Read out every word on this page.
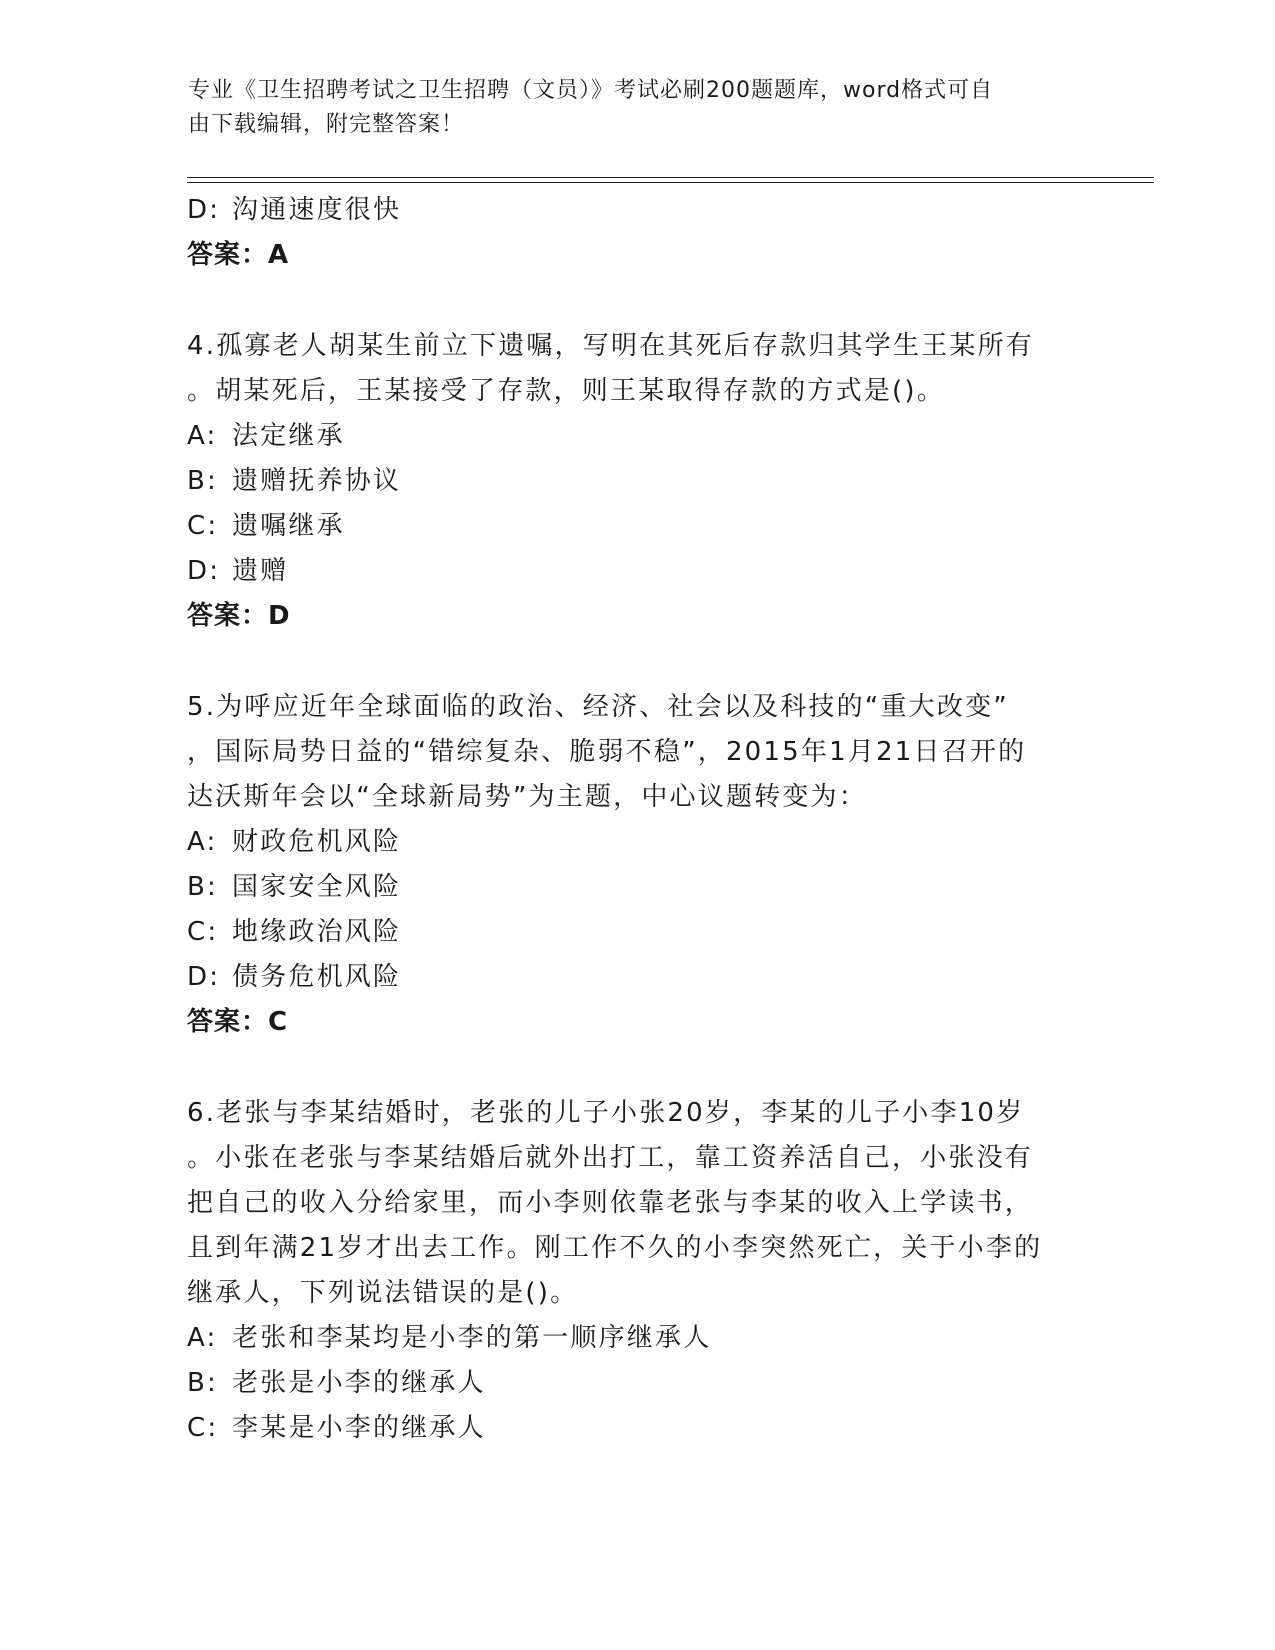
专业《卫生招聘考试之卫生招聘（文员）》考试必刷200题题库，word格式可自
由下载编辑，附完整答案！
D: 沟通速度很快
答案：A
4.孤寡老人胡某生前立下遗嘱，写明在其死后存款归其学生王某所有
。胡某死后，王某接受了存款，则王某取得存款的方式是()。
A: 法定继承
B: 遗赠抚养协议
C: 遗嘱继承
D: 遗赠
答案：D
5.为呼应近年全球面临的政治、经济、社会以及科技的“重大改变”
，国际局势日益的“错综复杂、脆弱不稳”，2015年1月21日召开的
达沃斯年会以“全球新局势”为主题，中心议题转变为：
A: 财政危机风险
B: 国家安全风险
C: 地缘政治风险
D: 债务危机风险
答案：C
6.老张与李某结婚时，老张的儿子小张20岁，李某的儿子小李10岁
。小张在老张与李某结婚后就外出打工，靠工资养活自己，小张没有
把自己的收入分给家里，而小李则依靠老张与李某的收入上学读书，
且到年满21岁才出去工作。刚工作不久的小李突然死亡，关于小李的
继承人，下列说法错误的是()。
A: 老张和李某均是小李的第一顺序继承人
B: 老张是小李的继承人
C: 李某是小李的继承人
